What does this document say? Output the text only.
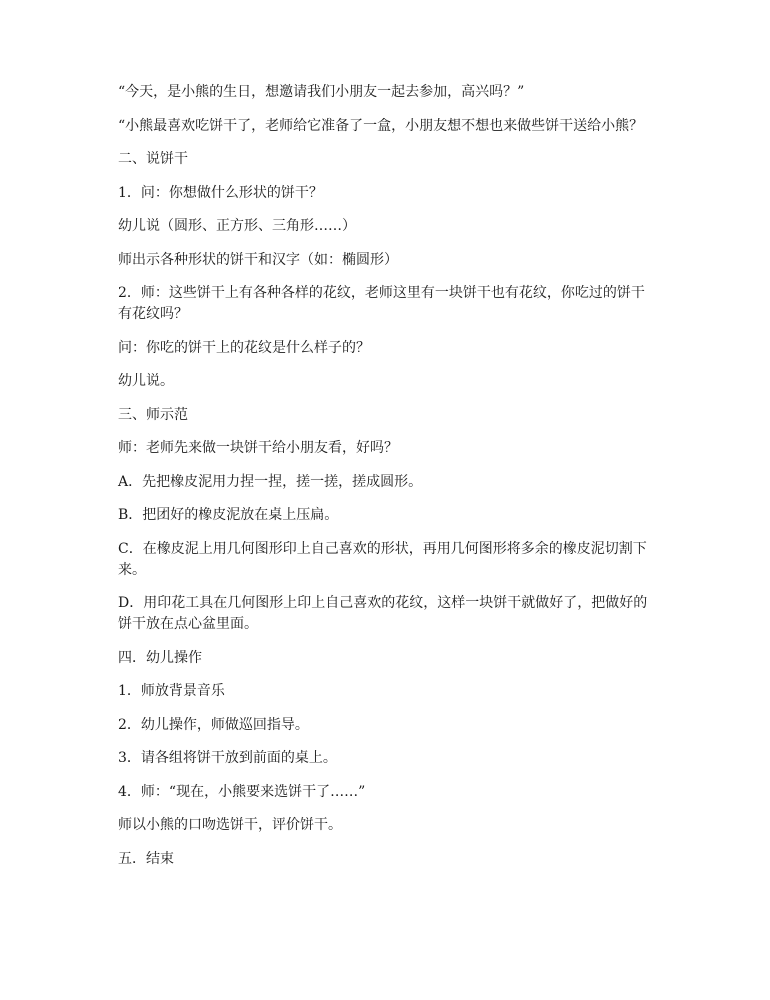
“今天，是小熊的生日，想邀请我们小朋友一起去参加，高兴吗？”

“小熊最喜欢吃饼干了，老师给它准备了一盒，小朋友想不想也来做些饼干送给小熊？

二、说饼干

1．问：你想做什么形状的饼干？

幼儿说（圆形、正方形、三角形……）

师出示各种形状的饼干和汉字（如：椭圆形）

2．师：这些饼干上有各种各样的花纹，老师这里有一块饼干也有花纹，你吃过的饼干有花纹吗？

问：你吃的饼干上的花纹是什么样子的？

幼儿说。

三、师示范

师：老师先来做一块饼干给小朋友看，好吗？

A．先把橡皮泥用力捏一捏，搓一搓，搓成圆形。

B．把团好的橡皮泥放在桌上压扁。

C．在橡皮泥上用几何图形印上自己喜欢的形状，再用几何图形将多余的橡皮泥切割下来。

D．用印花工具在几何图形上印上自己喜欢的花纹，这样一块饼干就做好了，把做好的饼干放在点心盆里面。

四．幼儿操作

1．师放背景音乐

2．幼儿操作，师做巡回指导。

3．请各组将饼干放到前面的桌上。

4．师：“现在，小熊要来选饼干了……”

师以小熊的口吻选饼干，评价饼干。

五．结束
